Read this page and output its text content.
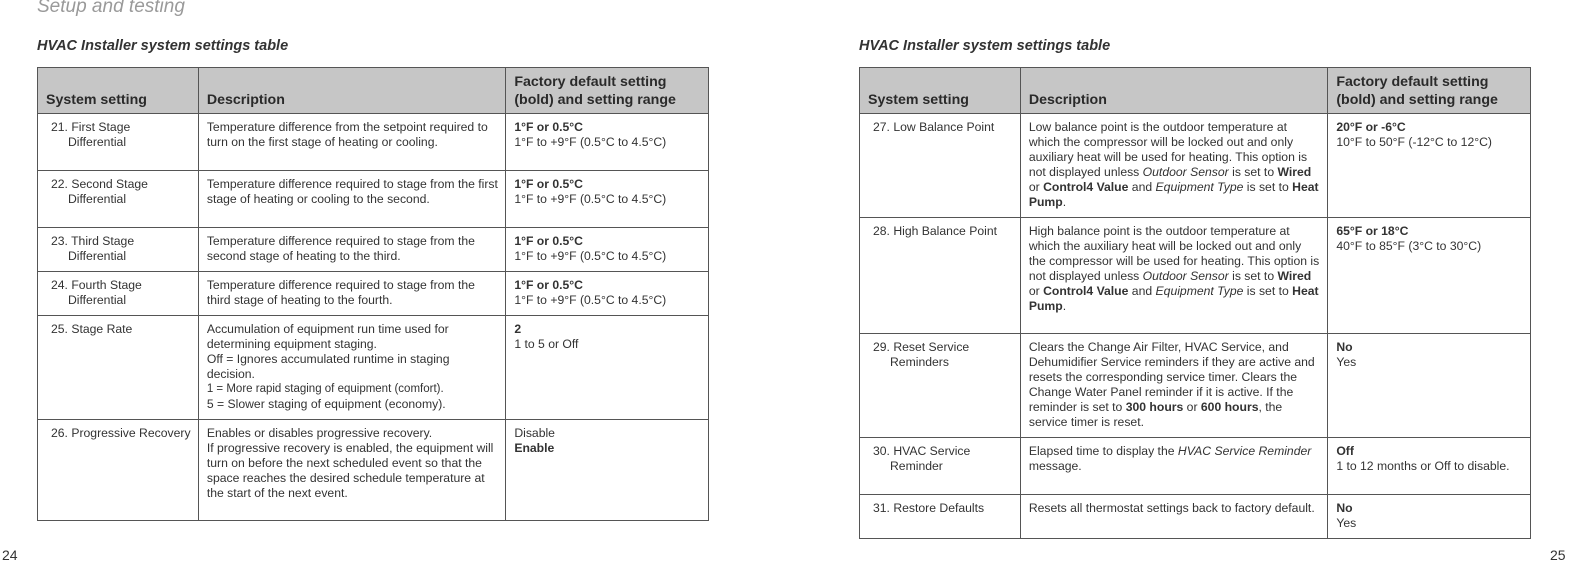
Setup and testing
HVAC Installer system settings table	HVAC Installer system settings table
System setting	Description	Factory default setting (bold) and setting range

21. First Stage Differential	Temperature difference from the setpoint required to turn on the first stage of heating or cooling.	1°F or 0.5°C
1°F to +9°F (0.5°C to 4.5°C)

22. Second Stage Differential	Temperature difference required to stage from the first stage of heating or cooling to the second.	1°F or 0.5°C
1°F to +9°F (0.5°C to 4.5°C)

23. Third Stage Differential	Temperature difference required to stage from the second stage of heating to the third.	1°F or 0.5°C
1°F to +9°F (0.5°C to 4.5°C)

24. Fourth Stage Differential	Temperature difference required to stage from the third stage of heating to the fourth.	1°F or 0.5°C
1°F to +9°F (0.5°C to 4.5°C)

25. Stage Rate	Accumulation of equipment run time used for determining equipment staging.
Off = Ignores accumulated runtime in staging decision.
1 = More rapid staging of equipment (comfort).
5 = Slower staging of equipment (economy).	2
1 to 5 or Off

26. Progressive Recovery	Enables or disables progressive recovery.
If progressive recovery is enabled, the equipment will turn on before the next scheduled event so that the space reaches the desired schedule temperature at the start of the next event.	Disable
Enable
System setting	Description	Factory default setting (bold) and setting range

27. Low Balance Point	Low balance point is the outdoor temperature at which the compressor will be locked out and only auxiliary heat will be used for heating. This option is not displayed unless Outdoor Sensor is set to Wired or Control4 Value and Equipment Type is set to Heat Pump.	20°F or -6°C
10°F to 50°F (-12°C to 12°C)

28. High Balance Point	High balance point is the outdoor temperature at which the auxiliary heat will be locked out and only the compressor will be used for heating. This option is not displayed unless Outdoor Sensor is set to Wired or Control4 Value and Equipment Type is set to Heat Pump.	65°F or 18°C
40°F to 85°F (3°C to 30°C)

29. Reset Service Reminders	Clears the Change Air Filter, HVAC Service, and Dehumidifier Service reminders if they are active and resets the corresponding service timer. Clears the Change Water Panel reminder if it is active. If the reminder is set to 300 hours or 600 hours, the service timer is reset.	No
Yes

30. HVAC Service Reminder	Elapsed time to display the HVAC Service Reminder message.	Off
1 to 12 months or Off to disable.

31. Restore Defaults	Resets all thermostat settings back to factory default.	No
Yes
24	25
